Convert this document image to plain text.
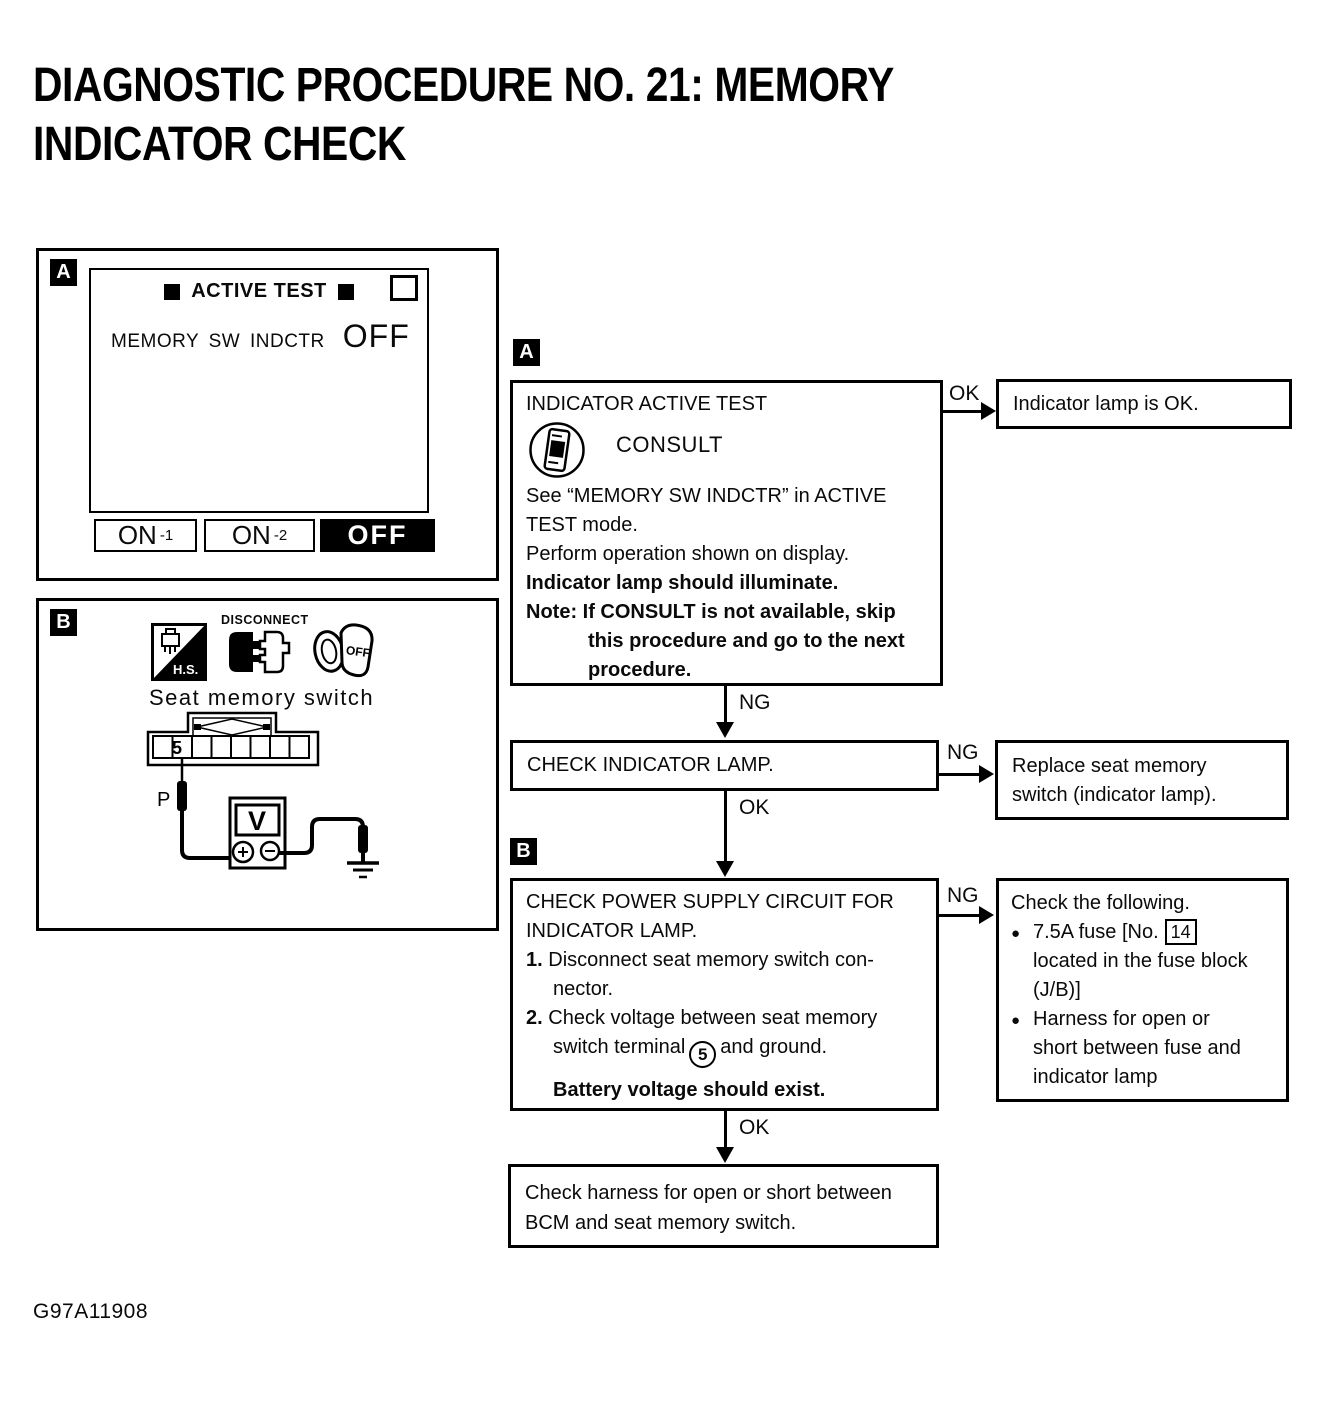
DIAGNOSTIC PROCEDURE NO. 21: MEMORY
INDICATOR CHECK
A
ACTIVE TEST
MEMORY SW INDCTR OFF
ON -1 ON -2 OFF
B
H.S.
DISCONNECT
OFF
Seat memory switch
5
P
V
A
INDICATOR ACTIVE TEST
CONSULT
See “MEMORY SW INDCTR” in ACTIVE
TEST mode.
Perform operation shown on display.
Indicator lamp should illuminate.
Note: If CONSULT is not available, skip
this procedure and go to the next
procedure.
OK	Indicator lamp is OK.
NG
CHECK INDICATOR LAMP.
NG
Replace seat memory
switch (indicator lamp).
OK
B
CHECK POWER SUPPLY CIRCUIT FOR
INDICATOR LAMP.
1. Disconnect seat memory switch con-
nector.
2. Check voltage between seat memory
switch terminal 5 and ground.
Battery voltage should exist.
NG Check the following.
● 7.5A fuse [No. 14
located in the fuse block
(J/B)]
● Harness for open or
short between fuse and
indicator lamp
OK
Check harness for open or short between
BCM and seat memory switch.
G97A11908
